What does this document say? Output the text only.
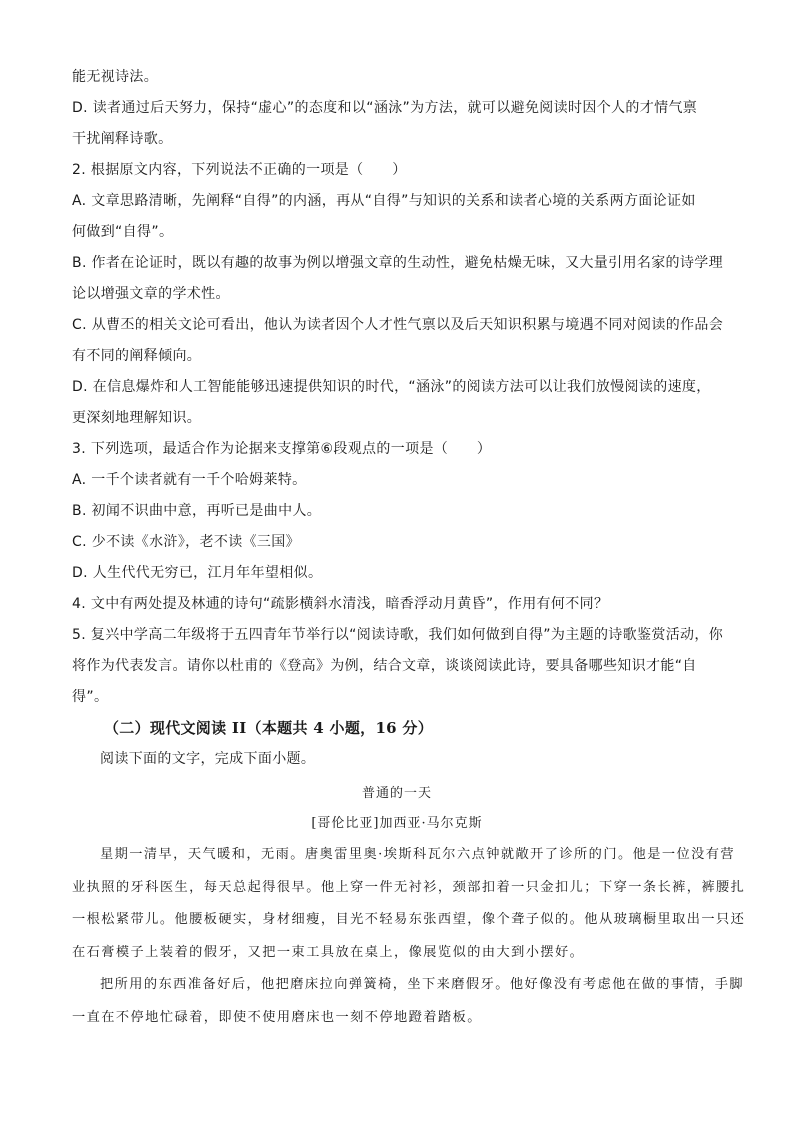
能无视诗法。
D. 读者通过后天努力，保持“虚心”的态度和以“涵泳”为方法，就可以避免阅读时因个人的才情气禀
干扰阐释诗歌。
2. 根据原文内容，下列说法不正确的一项是（　　）
A. 文章思路清晰，先阐释“自得”的内涵，再从“自得”与知识的关系和读者心境的关系两方面论证如
何做到“自得”。
B. 作者在论证时，既以有趣的故事为例以增强文章的生动性，避免枯燥无味，又大量引用名家的诗学理
论以增强文章的学术性。
C. 从曹丕的相关文论可看出，他认为读者因个人才性气禀以及后天知识积累与境遇不同对阅读的作品会
有不同的阐释倾向。
D. 在信息爆炸和人工智能能够迅速提供知识的时代，“涵泳”的阅读方法可以让我们放慢阅读的速度，
更深刻地理解知识。
3. 下列选项，最适合作为论据来支撑第⑥段观点的一项是（　　）
A. 一千个读者就有一千个哈姆莱特。
B. 初闻不识曲中意，再听已是曲中人。
C. 少不读《水浒》，老不读《三国》
D. 人生代代无穷已，江月年年望相似。
4. 文中有两处提及林逋的诗句“疏影横斜水清浅，暗香浮动月黄昏”，作用有何不同？
5. 复兴中学高二年级将于五四青年节举行以“阅读诗歌，我们如何做到自得”为主题的诗歌鉴赏活动，你
将作为代表发言。请你以杜甫的《登高》为例，结合文章，谈谈阅读此诗，要具备哪些知识才能“自
得”。
（二）现代文阅读 II（本题共 4 小题，16 分）
阅读下面的文字，完成下面小题。
普通的一天
[哥伦比亚]加西亚·马尔克斯
星期一清早，天气暖和，无雨。唐奥雷里奥·埃斯科瓦尔六点钟就敞开了诊所的门。他是一位没有营
业执照的牙科医生，每天总起得很早。他上穿一件无衬衫，颈部扣着一只金扣儿；下穿一条长裤，裤腰扎
一根松紧带儿。他腰板硬实，身材细瘦，目光不轻易东张西望，像个聋子似的。他从玻璃橱里取出一只还
在石膏模子上装着的假牙，又把一束工具放在桌上，像展览似的由大到小摆好。
把所用的东西准备好后，他把磨床拉向弹簧椅，坐下来磨假牙。他好像没有考虑他在做的事情，手脚
一直在不停地忙碌着，即使不使用磨床也一刻不停地蹬着踏板。
